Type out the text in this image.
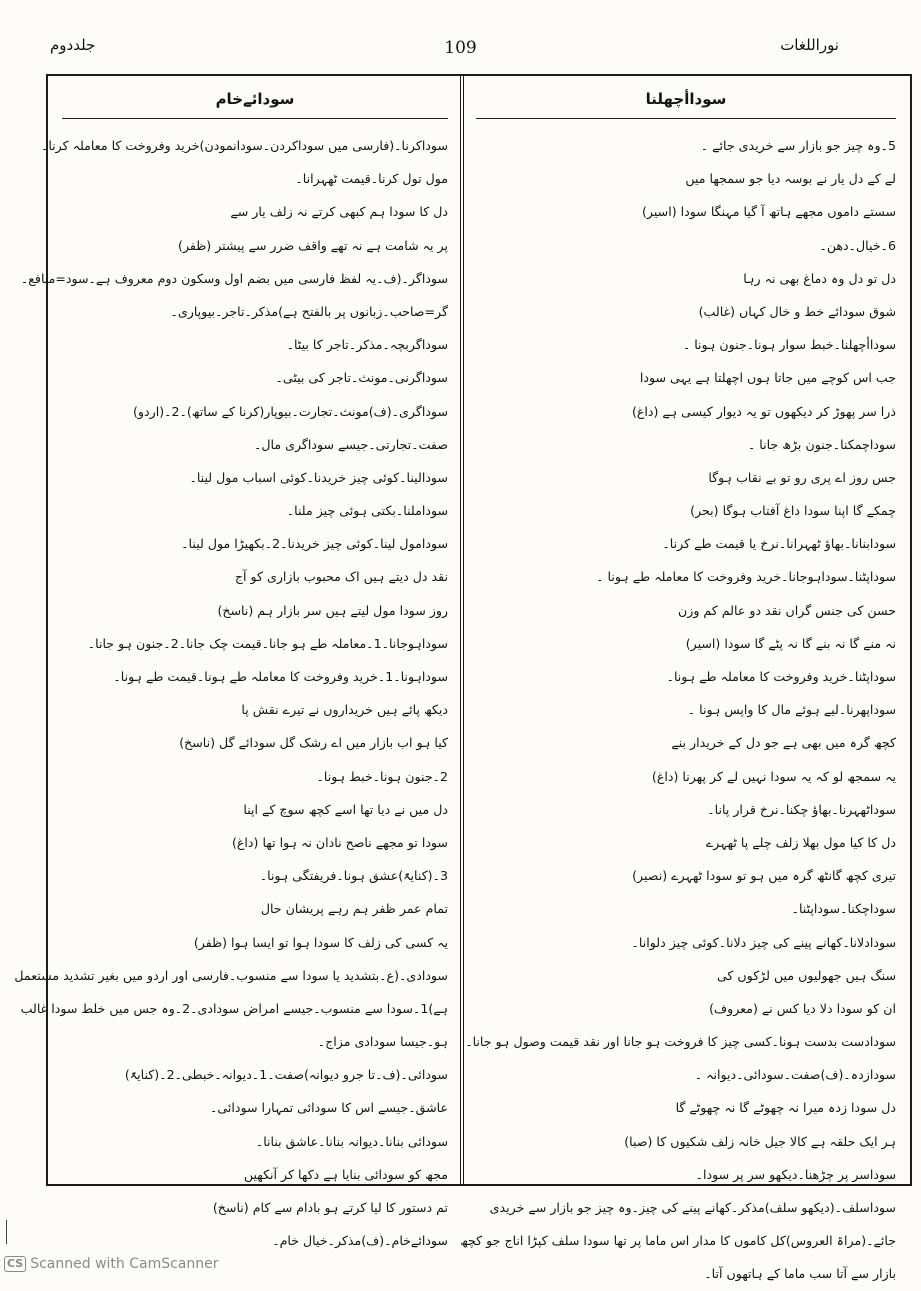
نوراللغات
109
جلددوم
سوداأچھلنا
5۔وہ چیز جو بازار سے خریدی جائے ۔
لے کے دل یار نے بوسہ دیا جو سمجھا میں
سستے داموں مجھے ہاتھ آ گیا مہنگا سودا (اسیر)
6۔خیال۔دھن۔
دل تو دل وہ دماغ بھی نہ رہا
شوق سودائے خط و خال کہاں (غالب)
سوداأچھلنا۔خبط سوار ہونا۔جنون ہونا ۔
جب اس کوچے میں جاتا ہوں اچھلتا ہے یہی سودا
ذرا سر پھوڑ کر دیکھوں تو یہ دیوار کیسی ہے (داغ)
سوداچمکنا۔جنون بڑھ جانا ۔
جس روز اے پری رو تو بے نقاب ہوگا
چمکے گا اپنا سودا داغ آفتاب ہوگا (بحر)
سودابنانا۔بھاؤ ٹھہرانا۔نرخ یا قیمت طے کرنا۔
سوداپٹنا۔سوداہوجانا۔خرید وفروخت کا معاملہ طے ہونا ۔
حسن کی جنس گراں نقد دو عالم کم وزن
نہ منے گا نہ بنے گا نہ پٹے گا سودا (اسیر)
سوداپٹنا۔خرید وفروخت کا معاملہ طے ہونا۔
سوداپھرنا۔لیے ہوئے مال کا واپس ہونا ۔
کچھ گرہ میں بھی ہے جو دل کے خریدار بنے
یہ سمجھ لو کہ یہ سودا نہیں لے کر پھرنا (داغ)
سوداٹھہرنا۔بھاؤ چکنا۔نرخ قرار پانا۔
دل کا کیا مول بھلا زلف چلے پا ٹھہرے
تیری کچھ گانٹھ گرہ میں ہو تو سودا ٹھہرے (نصیر)
سوداچکنا۔سوداپٹنا۔
سودادلانا۔کھانے پینے کی چیز دلانا۔کوئی چیز دلوانا۔
سنگ ہیں جھولیوں میں لڑکوں کی
ان کو سودا دلا دیا کس نے (معروف)
سودادست بدست ہونا۔کسی چیز کا فروخت ہو جانا اور نقد قیمت وصول ہو جانا۔
سودازدہ۔(ف)صفت۔سودائی۔دیوانہ ۔
دل سودا زدہ میرا نہ چھوٹے گا نہ چھوٹے گا
ہر ایک حلقہ ہے کالا جیل خانہ زلف شکیوں کا (صبا)
سوداسر پر چڑھنا۔دیکھو سر پر سودا۔
سوداسلف۔(دیکھو سلف)مذکر۔کھانے پینے کی چیز۔وہ چیز جو بازار سے خریدی
جائے۔(مراۃ العروس)کل کاموں کا مدار اس ماما پر تھا سودا سلف کپڑا اناج جو کچھ
بازار سے آتا سب ماما کے ہاتھوں آتا۔
سودائےخام
سوداکرنا۔(فارسی میں سوداکردن۔سودانمودن)خرید وفروخت کا معاملہ کرنا۔
مول تول کرنا۔قیمت ٹھہرانا۔
دل کا سودا ہم کبھی کرتے نہ زلف یار سے
پر یہ شامت ہے نہ تھے واقف ضرر سے پیشتر (ظفر)
سوداگر۔(ف۔یہ لفظ فارسی میں بضم اول وسکون دوم معروف ہے۔سود=منافع۔
گر=صاحب۔زبانوں پر بالفتح ہے)مذکر۔تاجر۔بیوپاری۔
سوداگربچہ۔مذکر۔تاجر کا بیٹا۔
سوداگرنی۔مونث۔تاجر کی بیٹی۔
سوداگری۔(ف)مونث۔تجارت۔بیوپار(کرنا کے ساتھ)۔2۔(اردو)
صفت۔تجارتی۔جیسے سوداگری مال۔
سودالینا۔کوئی چیز خریدنا۔کوئی اسباب مول لینا۔
سوداملنا۔بکتی ہوئی چیز ملنا۔
سودامول لینا۔کوئی چیز خریدنا۔2۔بکھیڑا مول لینا۔
نقد دل دیتے ہیں اک محبوب بازاری کو آج
روز سودا مول لیتے ہیں سر بازار ہم (ناسخ)
سوداہوجانا۔1۔معاملہ طے ہو جانا۔قیمت چک جانا۔2۔جنون ہو جانا۔
سوداہونا۔1۔خرید وفروخت کا معاملہ طے ہونا۔قیمت طے ہونا۔
دیکھ پائے ہیں خریداروں نے تیرے نقش پا
کیا ہو اب بازار میں اے رشک گل سودائے گل (ناسخ)
2۔جنون ہونا۔خبط ہونا۔
دل میں نے دیا تھا اسے کچھ سوچ کے اپنا
سودا تو مجھے ناصح نادان نہ ہوا تھا (داغ)
3۔(کنایۃً)عشق ہونا۔فریفتگی ہونا۔
تمام عمر ظفر ہم رہے پریشان حال
یہ کسی کی زلف کا سودا ہوا تو ایسا ہوا (ظفر)
سودادی۔(ع۔بتشدید یا سودا سے منسوب۔فارسی اور اردو میں بغیر تشدید مستعمل
ہے)1۔سودا سے منسوب۔جیسے امراض سودادی۔2۔وہ جس میں خلط سودا غالب
ہو۔جیسا سودادی مزاج۔
سودائی۔(ف۔تا جرو دیوانہ)صفت۔1۔دیوانہ۔خبطی۔2۔(کنایۃً)
عاشق۔جیسے اس کا سودائی تمہارا سودائی۔
سودائی بنانا۔دیوانہ بنانا۔عاشق بنانا۔
مجھ کو سودائی بنایا ہے دکھا کر آنکھیں
تم دستور کا لیا کرتے ہو بادام سے کام (ناسخ)
سودائےخام۔(ف)مذکر۔خیال خام۔
CS Scanned with CamScanner
